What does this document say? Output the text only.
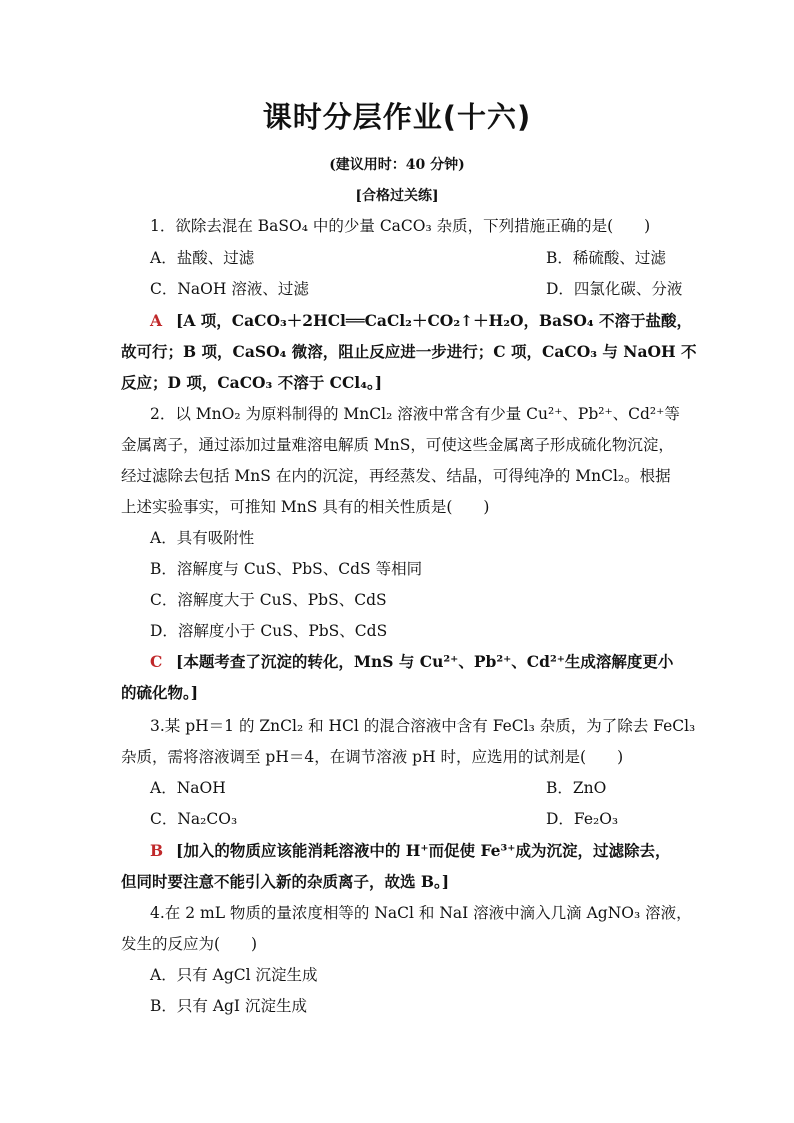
课时分层作业(十六)
(建议用时：40 分钟)
[合格过关练]
1．欲除去混在 BaSO₄ 中的少量 CaCO₃ 杂质，下列措施正确的是(　　)
A．盐酸、过滤	B．稀硫酸、过滤
C．NaOH 溶液、过滤	D．四氯化碳、分液
A [A 项，CaCO₃＋2HCl══CaCl₂＋CO₂↑＋H₂O，BaSO₄ 不溶于盐酸，
故可行；B 项，CaSO₄ 微溶，阻止反应进一步进行；C 项，CaCO₃ 与 NaOH 不
反应；D 项，CaCO₃ 不溶于 CCl₄。]
2．以 MnO₂ 为原料制得的 MnCl₂ 溶液中常含有少量 Cu²⁺、Pb²⁺、Cd²⁺等
金属离子，通过添加过量难溶电解质 MnS，可使这些金属离子形成硫化物沉淀，
经过滤除去包括 MnS 在内的沉淀，再经蒸发、结晶，可得纯净的 MnCl₂。根据
上述实验事实，可推知 MnS 具有的相关性质是(　　)
A．具有吸附性
B．溶解度与 CuS、PbS、CdS 等相同
C．溶解度大于 CuS、PbS、CdS
D．溶解度小于 CuS、PbS、CdS
C [本题考查了沉淀的转化，MnS 与 Cu²⁺、Pb²⁺、Cd²⁺生成溶解度更小
的硫化物。]
3.某 pH＝1 的 ZnCl₂ 和 HCl 的混合溶液中含有 FeCl₃ 杂质，为了除去 FeCl₃
杂质，需将溶液调至 pH＝4，在调节溶液 pH 时，应选用的试剂是(　　)
A．NaOH	B．ZnO
C．Na₂CO₃	D．Fe₂O₃
B [加入的物质应该能消耗溶液中的 H⁺而促使 Fe³⁺成为沉淀，过滤除去，
但同时要注意不能引入新的杂质离子，故选 B。]
4.在 2 mL 物质的量浓度相等的 NaCl 和 NaI 溶液中滴入几滴 AgNO₃ 溶液，
发生的反应为(　　)
A．只有 AgCl 沉淀生成
B．只有 AgI 沉淀生成
